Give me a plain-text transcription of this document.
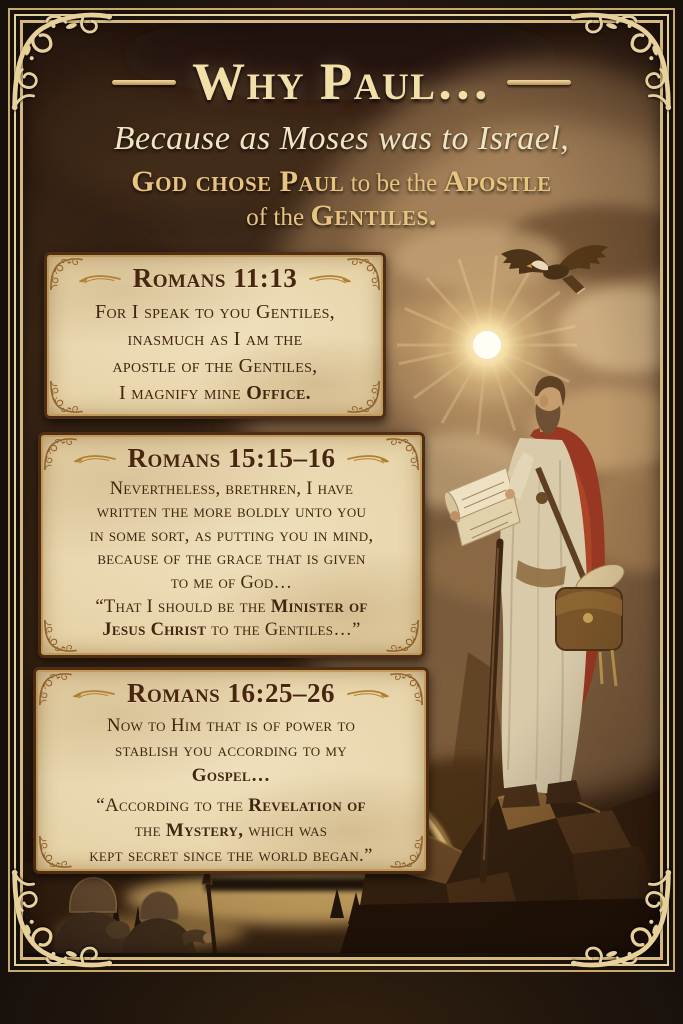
Why Paul…
Because as Moses was to Israel,
God chose Paul to be the Apostle
of the Gentiles.
Romans 11:13

For I speak to you Gentiles,

inasmuch as I am the

apostle of the Gentiles,

I magnify mine Office.

Romans 15:15–16

Nevertheless, brethren, I have

written the more boldly unto you

in some sort, as putting you in mind,

because of the grace that is given

to me of God…

“That I should be the Minister of

Jesus Christ to the Gentiles…”

Romans 16:25–26

Now to Him that is of power to

stablish you according to my

Gospel…

“According to the Revelation of

the Mystery, which was

kept secret since the world began.”
